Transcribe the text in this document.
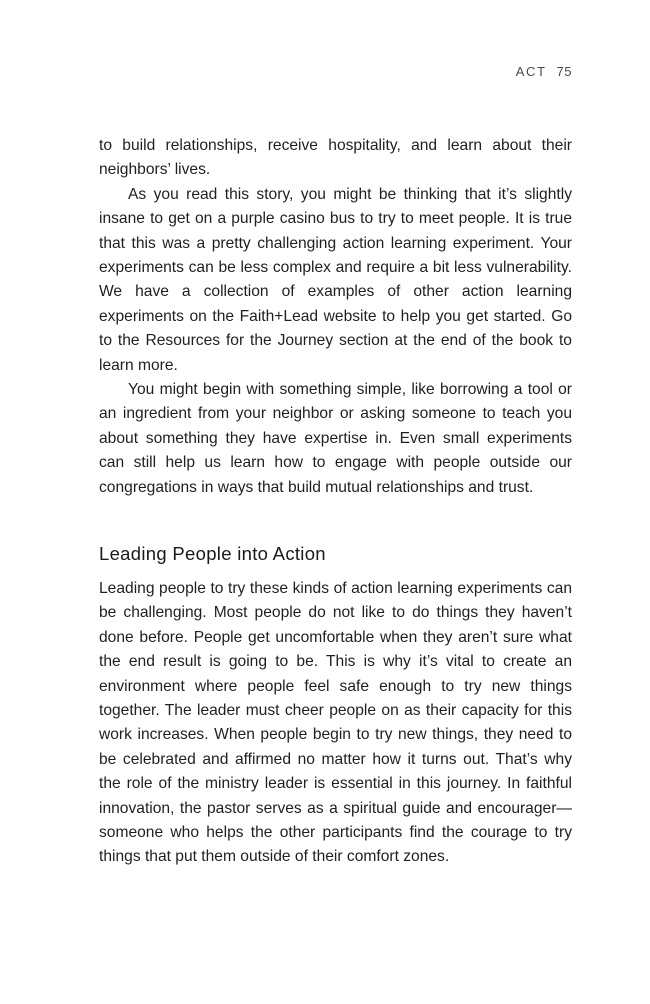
ACT 75

to build relationships, receive hospitality, and learn about their neighbors’ lives.

As you read this story, you might be thinking that it’s slightly insane to get on a purple casino bus to try to meet people. It is true that this was a pretty challenging action learning experiment. Your experiments can be less complex and require a bit less vulnerability. We have a collection of examples of other action learning experiments on the Faith+Lead website to help you get started. Go to the Resources for the Journey section at the end of the book to learn more.

You might begin with something simple, like borrowing a tool or an ingredient from your neighbor or asking someone to teach you about something they have expertise in. Even small experiments can still help us learn how to engage with people outside our congregations in ways that build mutual relationships and trust.

Leading People into Action

Leading people to try these kinds of action learning experiments can be challenging. Most people do not like to do things they haven’t done before. People get uncomfortable when they aren’t sure what the end result is going to be. This is why it’s vital to create an environment where people feel safe enough to try new things together. The leader must cheer people on as their capacity for this work increases. When people begin to try new things, they need to be celebrated and affirmed no matter how it turns out. That’s why the role of the ministry leader is essential in this journey. In faithful innovation, the pastor serves as a spiritual guide and encourager—someone who helps the other participants find the courage to try things that put them outside of their comfort zones.
